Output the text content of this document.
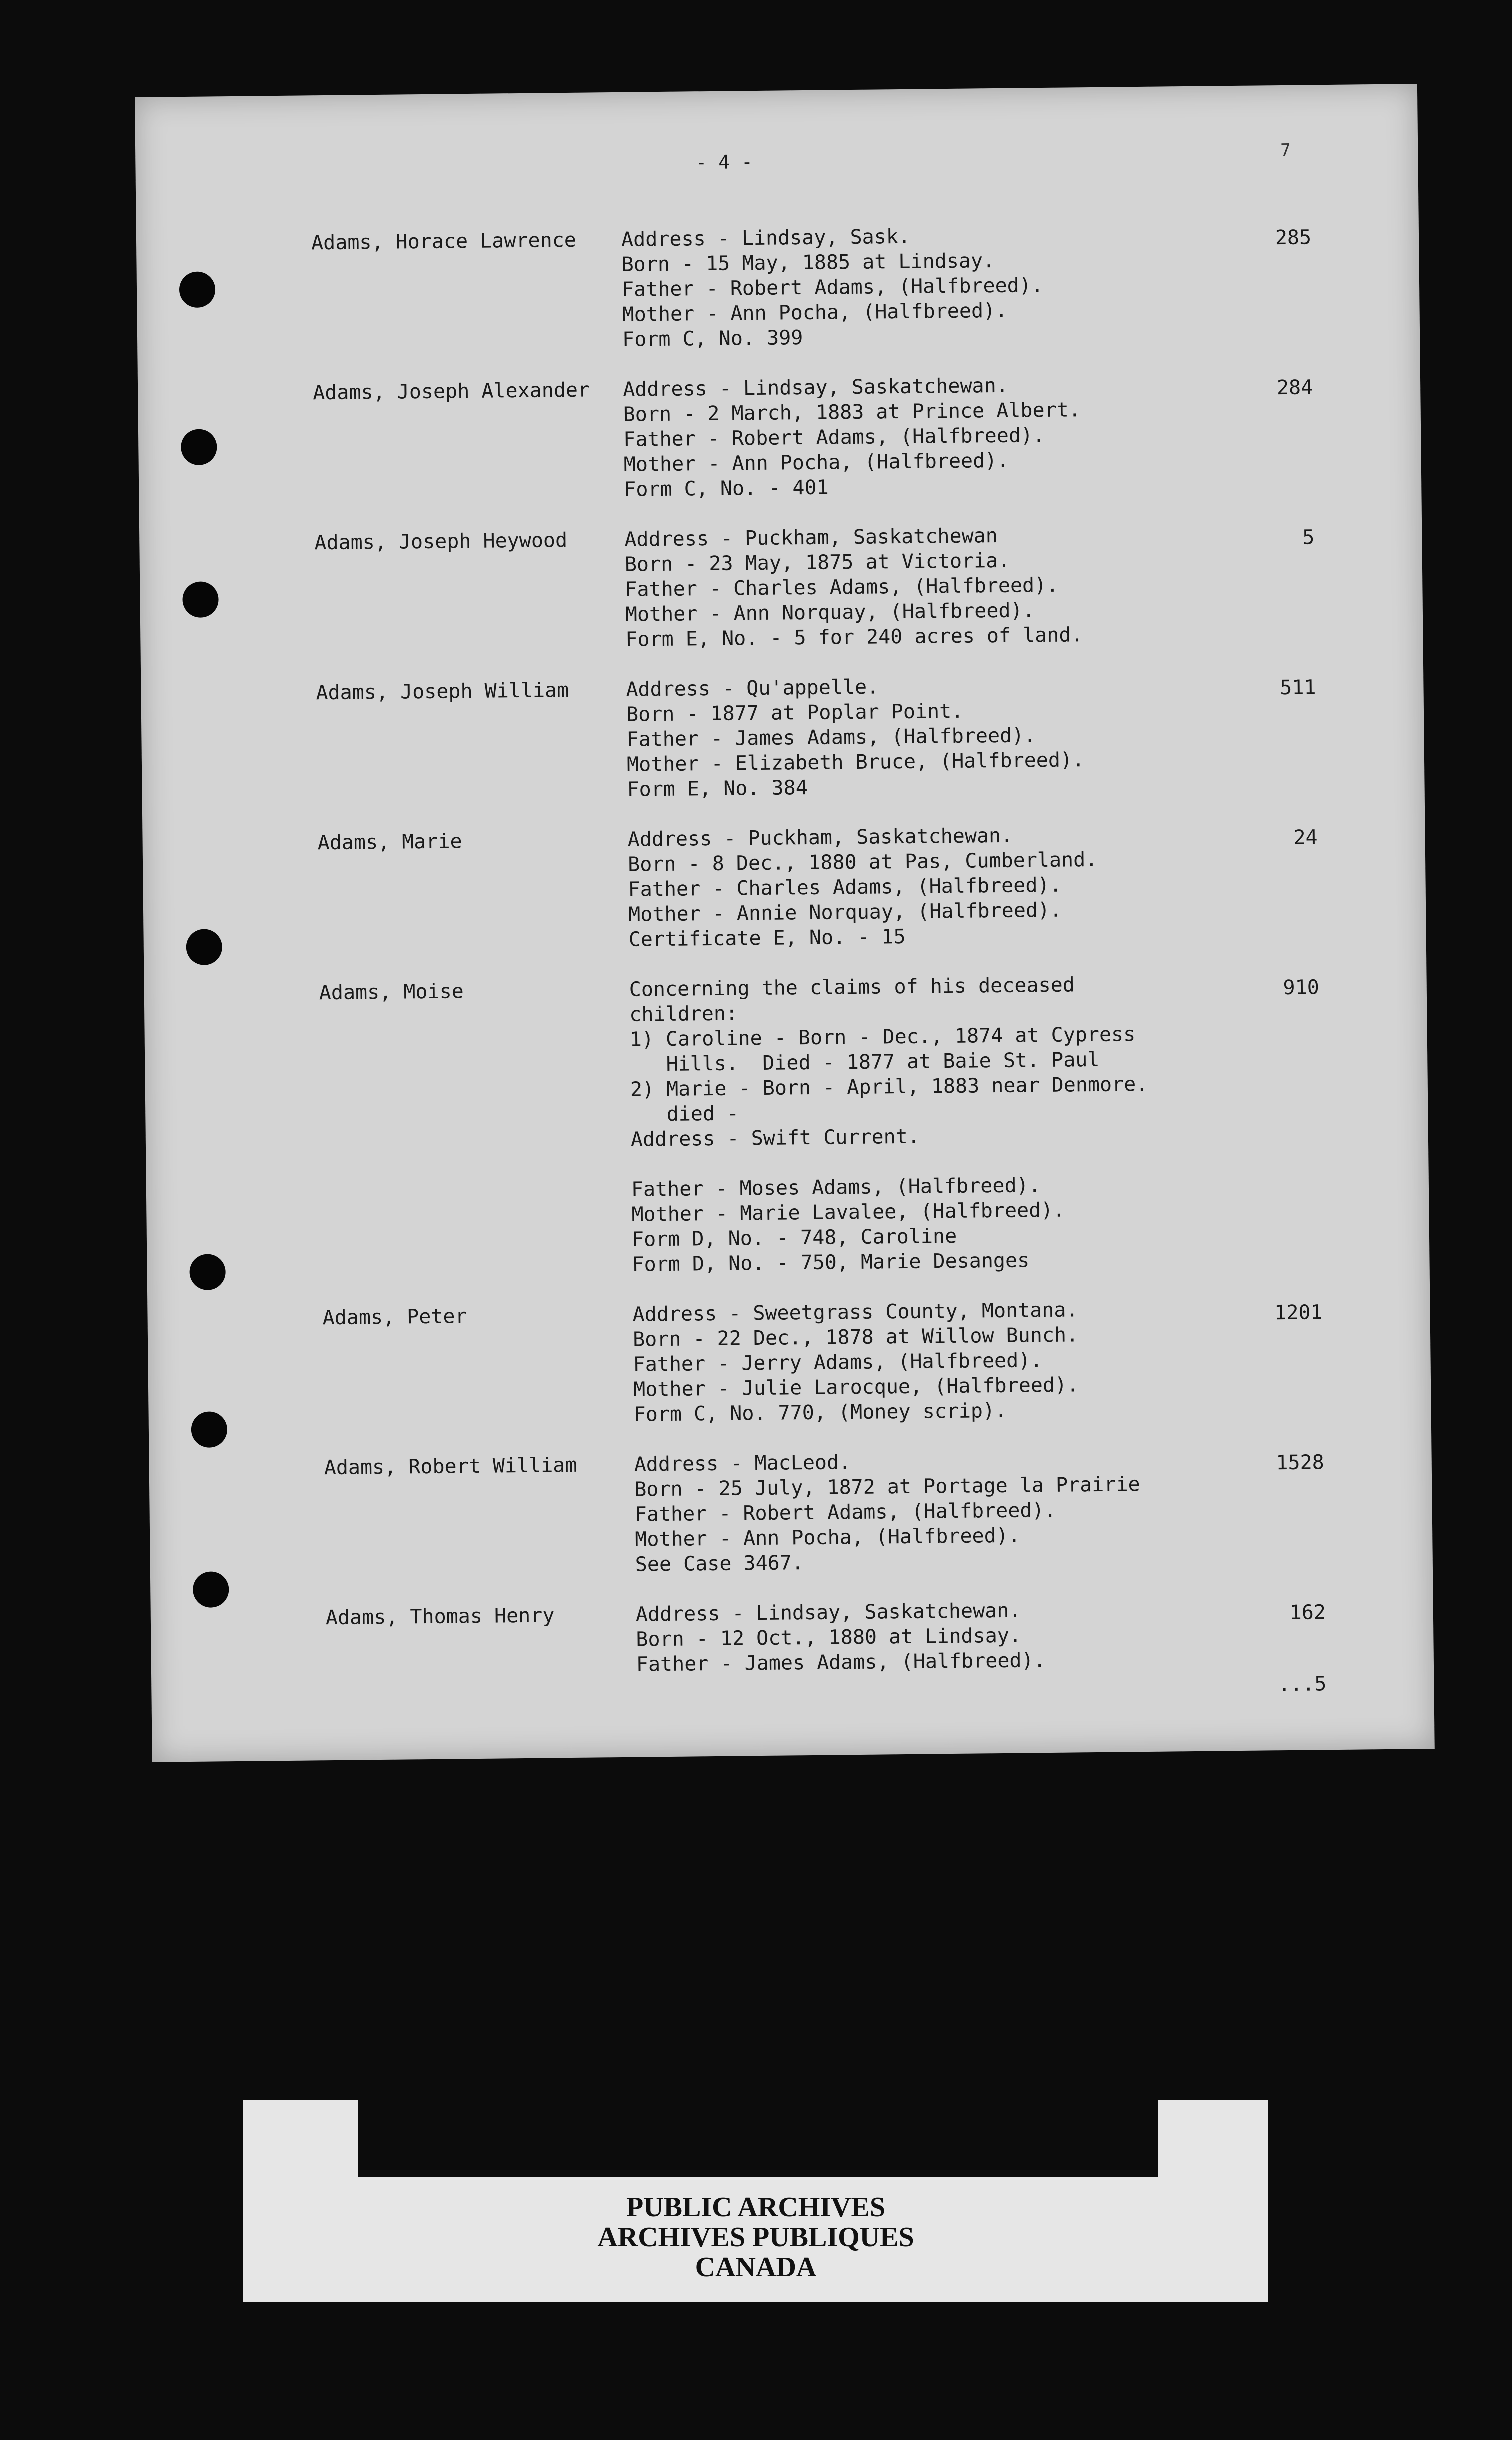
- 4 -
7
Adams, Horace Lawrence Address - Lindsay, Sask.
Born - 15 May, 1885 at Lindsay.
Father - Robert Adams, (Halfbreed).
Mother - Ann Pocha, (Halfbreed).
Form C, No. 399
285
Adams, Joseph Alexander Address - Lindsay, Saskatchewan.
Born - 2 March, 1883 at Prince Albert.
Father - Robert Adams, (Halfbreed).
Mother - Ann Pocha, (Halfbreed).
Form C, No. - 401
284
Adams, Joseph Heywood	Address - Puckham, Saskatchewan
Born - 23 May, 1875 at Victoria.
Father - Charles Adams, (Halfbreed).
Mother - Ann Norquay, (Halfbreed).
Form E, No. - 5 for 240 acres of land.
5
Adams, Joseph William	Address - Qu'appelle.
Born - 1877 at Poplar Point.
Father - James Adams, (Halfbreed).
Mother - Elizabeth Bruce, (Halfbreed).
Form E, No. 384
511
Adams, Marie	Address - Puckham, Saskatchewan.
Born - 8 Dec., 1880 at Pas, Cumberland.
Father - Charles Adams, (Halfbreed).
Mother - Annie Norquay, (Halfbreed).
Certificate E, No. - 15
24
Adams, Moise	Concerning the claims of his deceased
children:
1) Caroline - Born - Dec., 1874 at Cypress
Hills.  Died - 1877 at Baie St. Paul
2) Marie - Born - April, 1883 near Denmore.
died -
Address - Swift Current.
Father - Moses Adams, (Halfbreed).
Mother - Marie Lavalee, (Halfbreed).
Form D, No. - 748, Caroline
Form D, No. - 750, Marie Desanges
910
Adams, Peter	Address - Sweetgrass County, Montana.
Born - 22 Dec., 1878 at Willow Bunch.
Father - Jerry Adams, (Halfbreed).
Mother - Julie Larocque, (Halfbreed).
Form C, No. 770, (Money scrip).
1201
Adams, Robert William	Address - MacLeod.
Born - 25 July, 1872 at Portage la Prairie
Father - Robert Adams, (Halfbreed).
Mother - Ann Pocha, (Halfbreed).
See Case 3467.
1528
Adams, Thomas Henry	Address - Lindsay, Saskatchewan.
Born - 12 Oct., 1880 at Lindsay.
Father - James Adams, (Halfbreed).
162
...5
PUBLIC ARCHIVES
ARCHIVES PUBLIQUES
CANADA
